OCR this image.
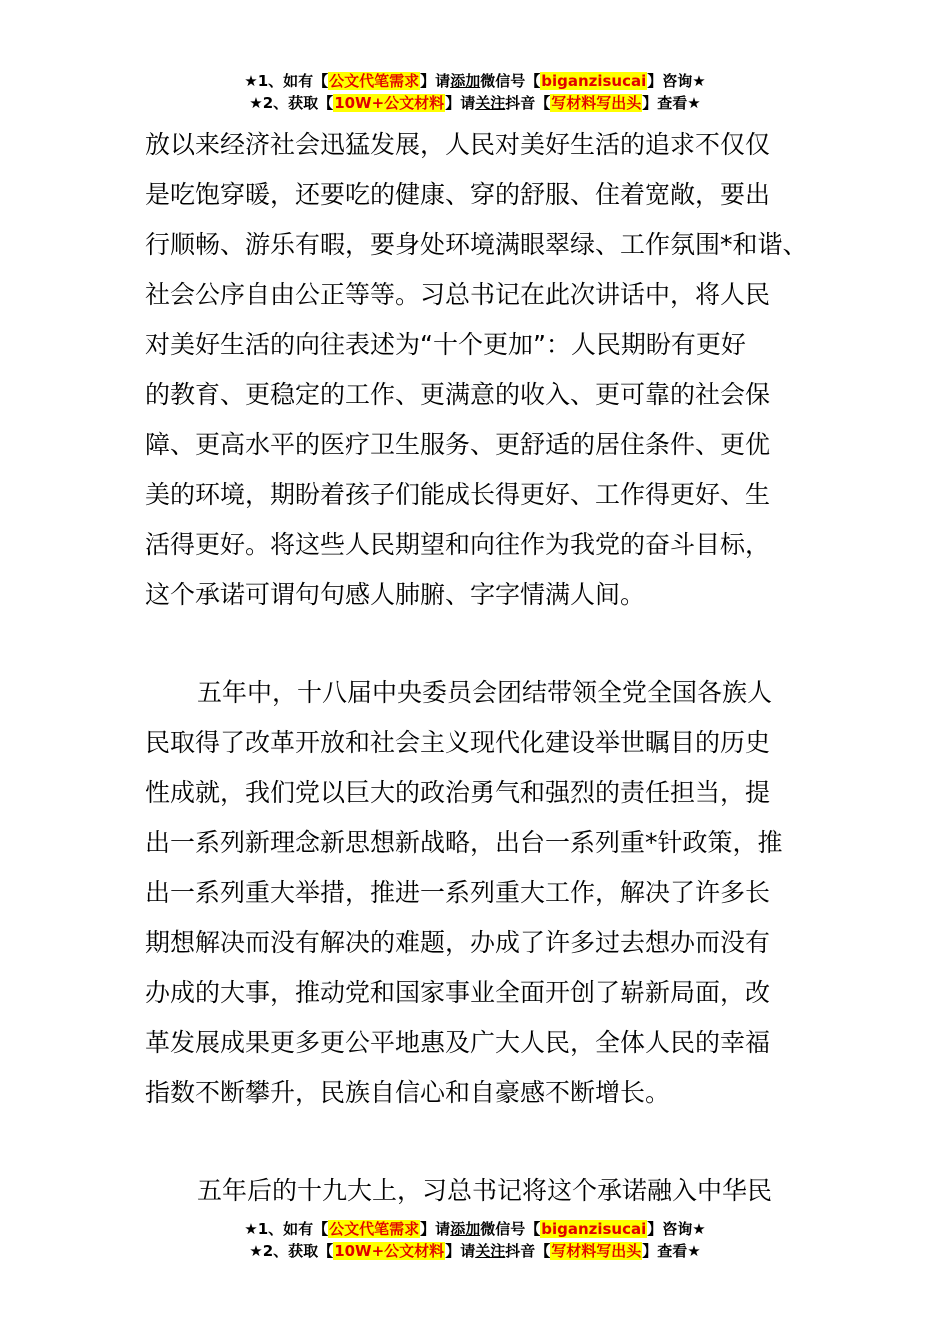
★1、如有【公文代笔需求】请添加微信号【biganzisucai】咨询★
★2、获取【10W+公文材料】请关注抖音【写材料写出头】查看★
放以来经济社会迅猛发展，人民对美好生活的追求不仅仅
是吃饱穿暖，还要吃的健康、穿的舒服、住着宽敞，要出
行顺畅、游乐有暇，要身处环境满眼翠绿、工作氛围*和谐、
社会公序自由公正等等。习总书记在此次讲话中，将人民
对美好生活的向往表述为“十个更加”：人民期盼有更好
的教育、更稳定的工作、更满意的收入、更可靠的社会保
障、更高水平的医疗卫生服务、更舒适的居住条件、更优
美的环境，期盼着孩子们能成长得更好、工作得更好、生
活得更好。将这些人民期望和向往作为我党的奋斗目标，
这个承诺可谓句句感人肺腑、字字情满人间。
五年中，十八届中央委员会团结带领全党全国各族人
民取得了改革开放和社会主义现代化建设举世瞩目的历史
性成就，我们党以巨大的政治勇气和强烈的责任担当，提
出一系列新理念新思想新战略，出台一系列重*针政策，推
出一系列重大举措，推进一系列重大工作，解决了许多长
期想解决而没有解决的难题，办成了许多过去想办而没有
办成的大事，推动党和国家事业全面开创了崭新局面，改
革发展成果更多更公平地惠及广大人民，全体人民的幸福
指数不断攀升，民族自信心和自豪感不断增长。
五年后的十九大上，习总书记将这个承诺融入中华民
★1、如有【公文代笔需求】请添加微信号【biganzisucai】咨询★
★2、获取【10W+公文材料】请关注抖音【写材料写出头】查看★
